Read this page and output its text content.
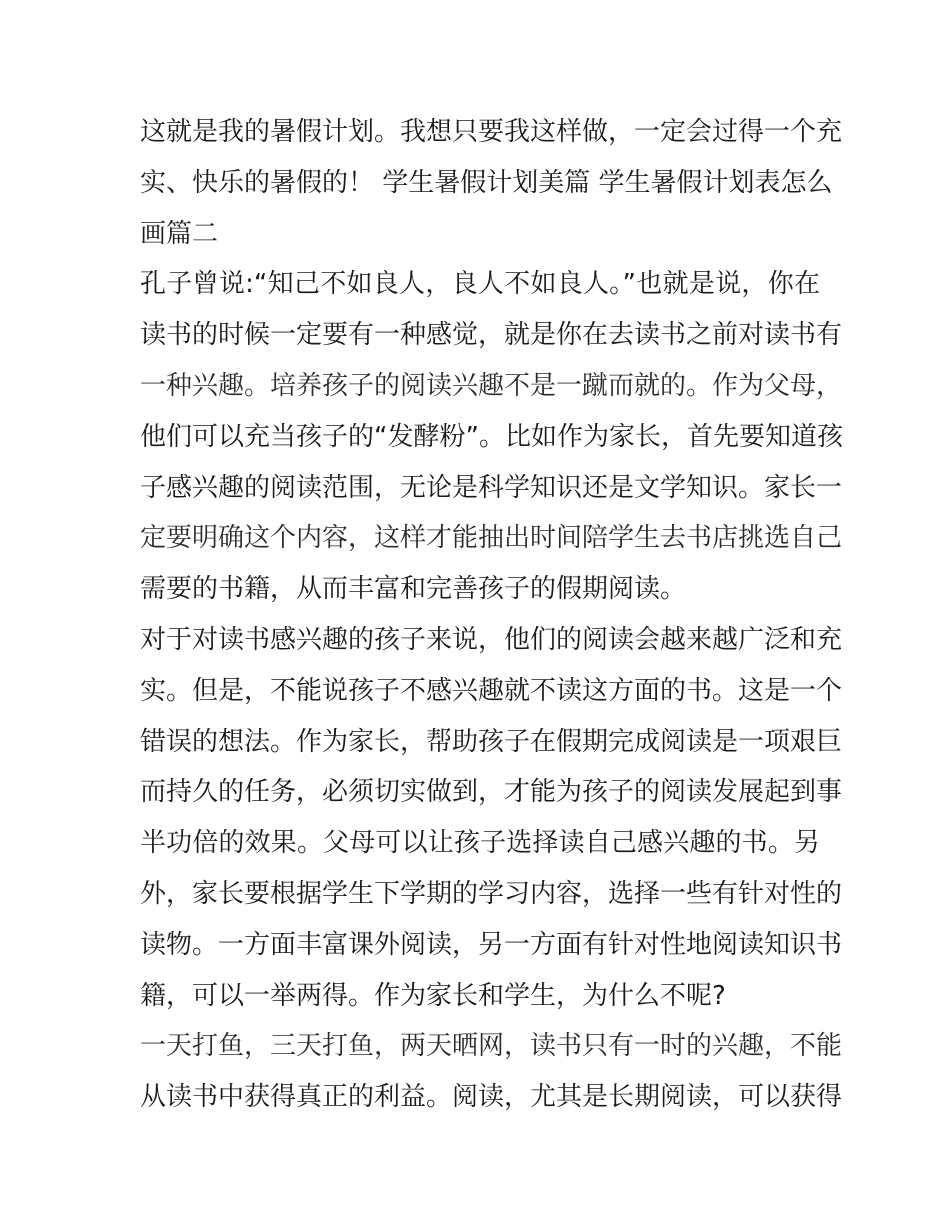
这就是我的暑假计划。我想只要我这样做，一定会过得一个充
实、快乐的暑假的！ 学生暑假计划美篇 学生暑假计划表怎么
画篇二
孔子曾说:“知己不如良人，良人不如良人。”也就是说，你在
读书的时候一定要有一种感觉，就是你在去读书之前对读书有
一种兴趣。培养孩子的阅读兴趣不是一蹴而就的。作为父母，
他们可以充当孩子的“发酵粉”。比如作为家长，首先要知道孩
子感兴趣的阅读范围，无论是科学知识还是文学知识。家长一
定要明确这个内容，这样才能抽出时间陪学生去书店挑选自己
需要的书籍，从而丰富和完善孩子的假期阅读。
对于对读书感兴趣的孩子来说，他们的阅读会越来越广泛和充
实。但是，不能说孩子不感兴趣就不读这方面的书。这是一个
错误的想法。作为家长，帮助孩子在假期完成阅读是一项艰巨
而持久的任务，必须切实做到，才能为孩子的阅读发展起到事
半功倍的效果。父母可以让孩子选择读自己感兴趣的书。另
外，家长要根据学生下学期的学习内容，选择一些有针对性的
读物。一方面丰富课外阅读，另一方面有针对性地阅读知识书
籍，可以一举两得。作为家长和学生，为什么不呢?
一天打鱼，三天打鱼，两天晒网，读书只有一时的兴趣，不能
从读书中获得真正的利益。阅读，尤其是长期阅读，可以获得
